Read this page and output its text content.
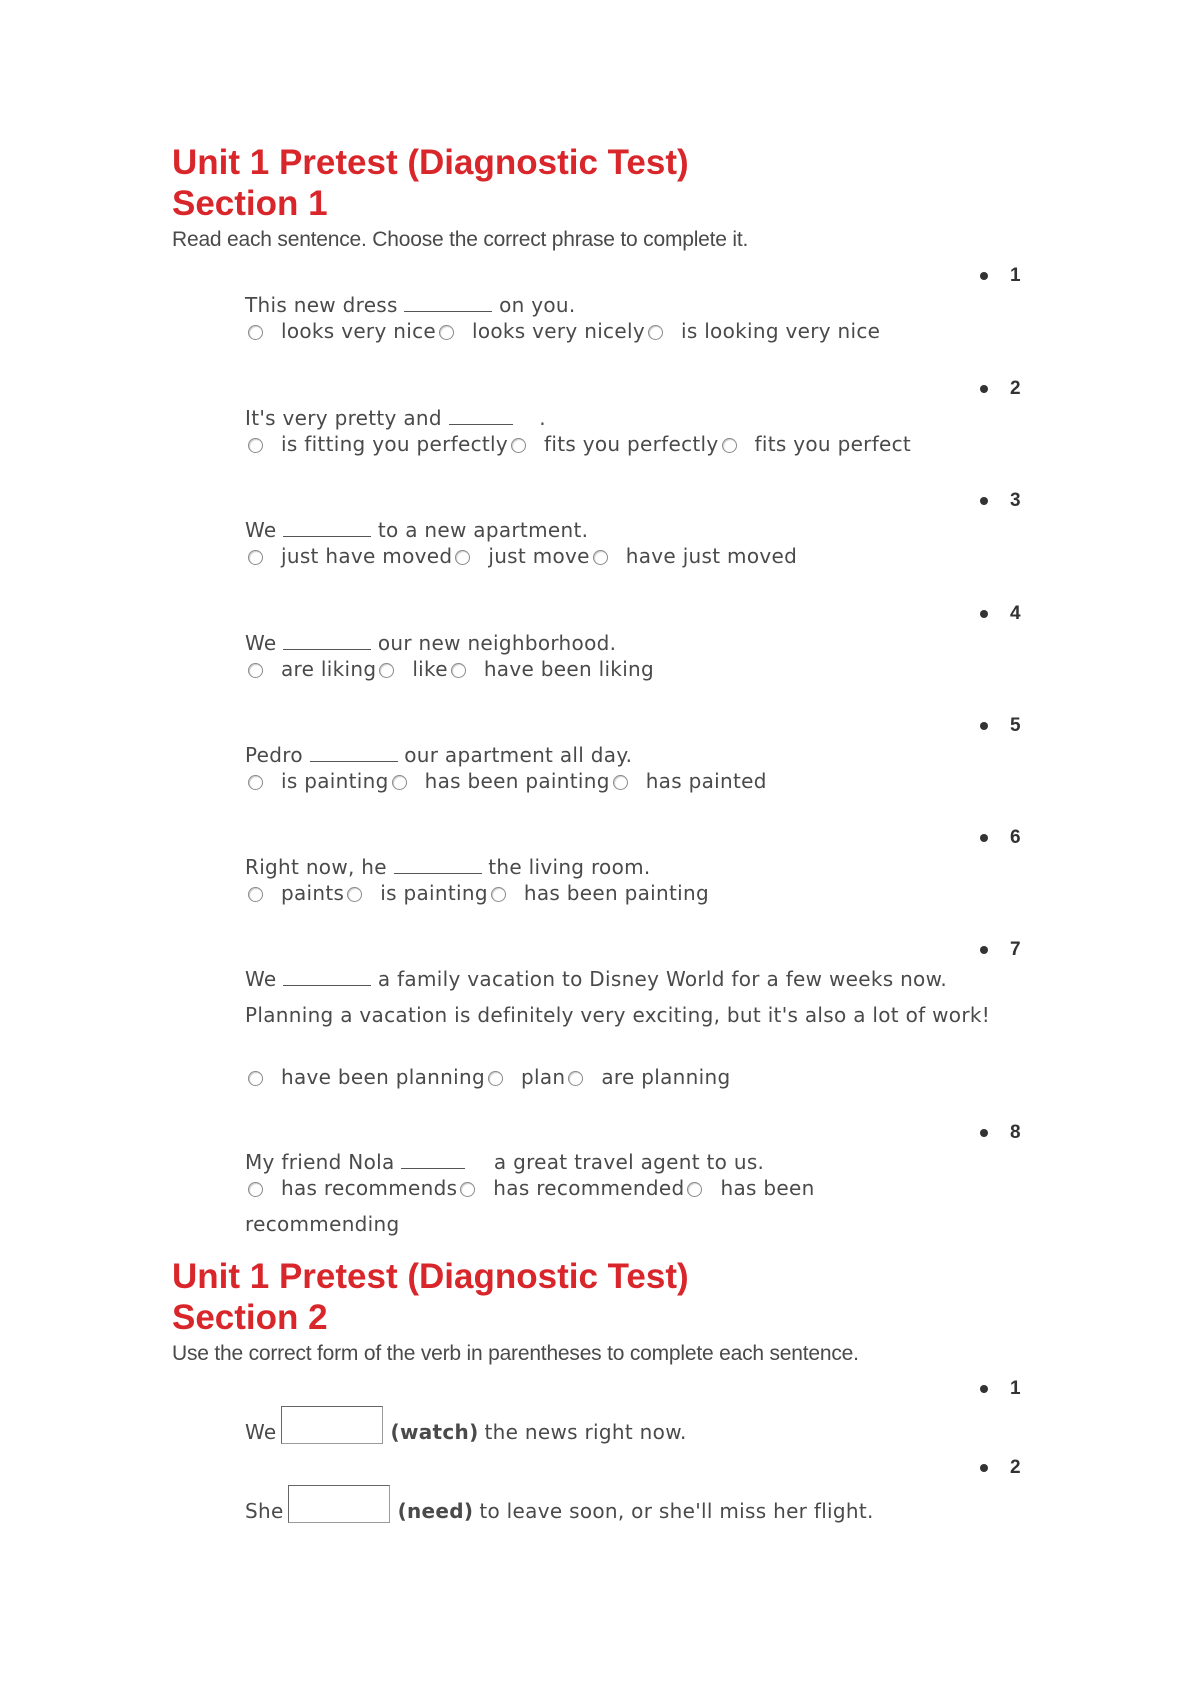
Unit 1 Pretest (Diagnostic Test)
Section 1
Read each sentence. Choose the correct phrase to complete it.
1
This new dress	on you.
looks very nice looks very nicely is looking very nice
2
It's very pretty and	.
is fitting you perfectly fits you perfectly fits you perfect
3
We	to a new apartment.
just have moved just move have just moved
4
We	our new neighborhood.
are liking like have been liking
5
Pedro	our apartment all day.
is painting has been painting has painted
6
Right now, he	the living room.
paints is painting has been painting
7
We	a family vacation to Disney World for a few weeks now. Planning a vacation is definitely very exciting, but it's also a lot of work!
have been planning plan are planning
8
My friend Nola	a great travel agent to us.
has recommends has recommended has been recommending
Unit 1 Pretest (Diagnostic Test)
Section 2
Use the correct form of the verb in parentheses to complete each sentence.
1
We	(watch) the news right now.
2
She	(need) to leave soon, or she'll miss her flight.
